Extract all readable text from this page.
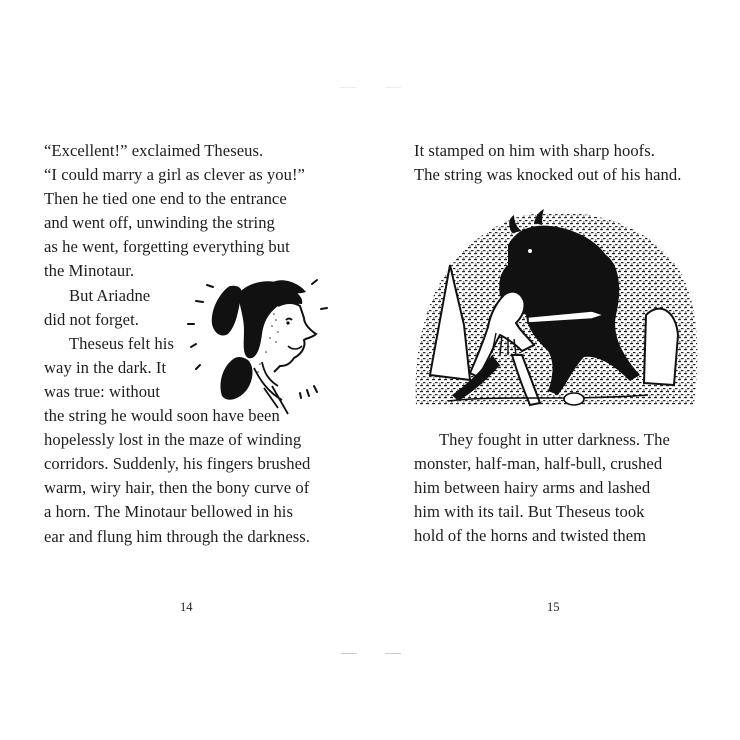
“Excellent!” exclaimed Theseus.
“I could marry a girl as clever as you!”
Then he tied one end to the entrance
and went off, unwinding the string
as he went, forgetting everything but
the Minotaur.
But Ariadne
did not forget.
Theseus felt his
way in the dark. It
was true: without
the string he would soon have been
hopelessly lost in the maze of winding
corridors. Suddenly, his fingers brushed
warm, wiry hair, then the bony curve of
a horn. The Minotaur bellowed in his
ear and flung him through the darkness.
14
It stamped on him with sharp hoofs.
The string was knocked out of his hand.
They fought in utter darkness. The
monster, half-man, half-bull, crushed
him between hairy arms and lashed
him with its tail. But Theseus took
hold of the horns and twisted them
15
